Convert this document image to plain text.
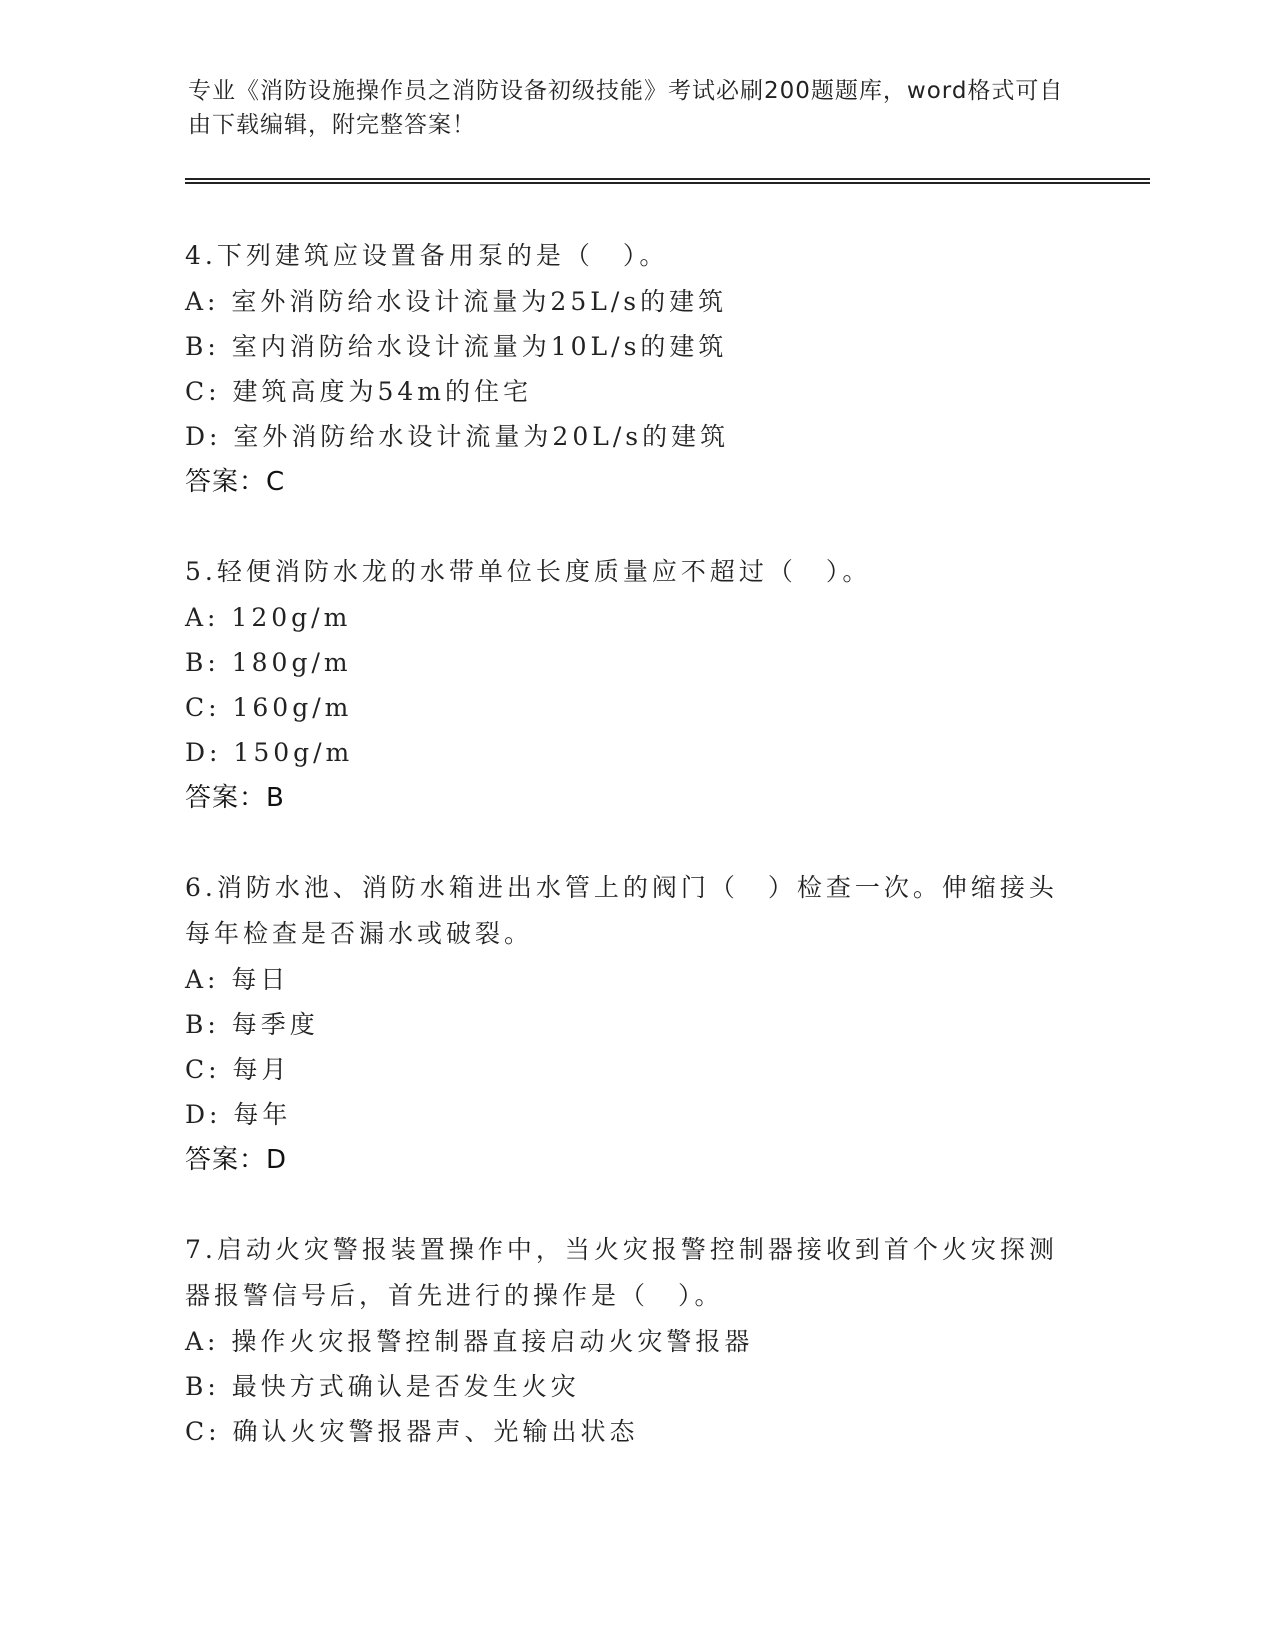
专业《消防设施操作员之消防设备初级技能》考试必刷200题题库，word格式可自由下载编辑，附完整答案！
4.下列建筑应设置备用泵的是（　）。
A: 室外消防给水设计流量为25L/s的建筑
B: 室内消防给水设计流量为10L/s的建筑
C: 建筑高度为54m的住宅
D: 室外消防给水设计流量为20L/s的建筑
答案：C
5.轻便消防水龙的水带单位长度质量应不超过（　）。
A: 120g/m
B: 180g/m
C: 160g/m
D: 150g/m
答案：B
6.消防水池、消防水箱进出水管上的阀门（　）检查一次。伸缩接头每年检查是否漏水或破裂。
A: 每日
B: 每季度
C: 每月
D: 每年
答案：D
7.启动火灾警报装置操作中，当火灾报警控制器接收到首个火灾探测器报警信号后，首先进行的操作是（　）。
A: 操作火灾报警控制器直接启动火灾警报器
B: 最快方式确认是否发生火灾
C: 确认火灾警报器声、光输出状态
